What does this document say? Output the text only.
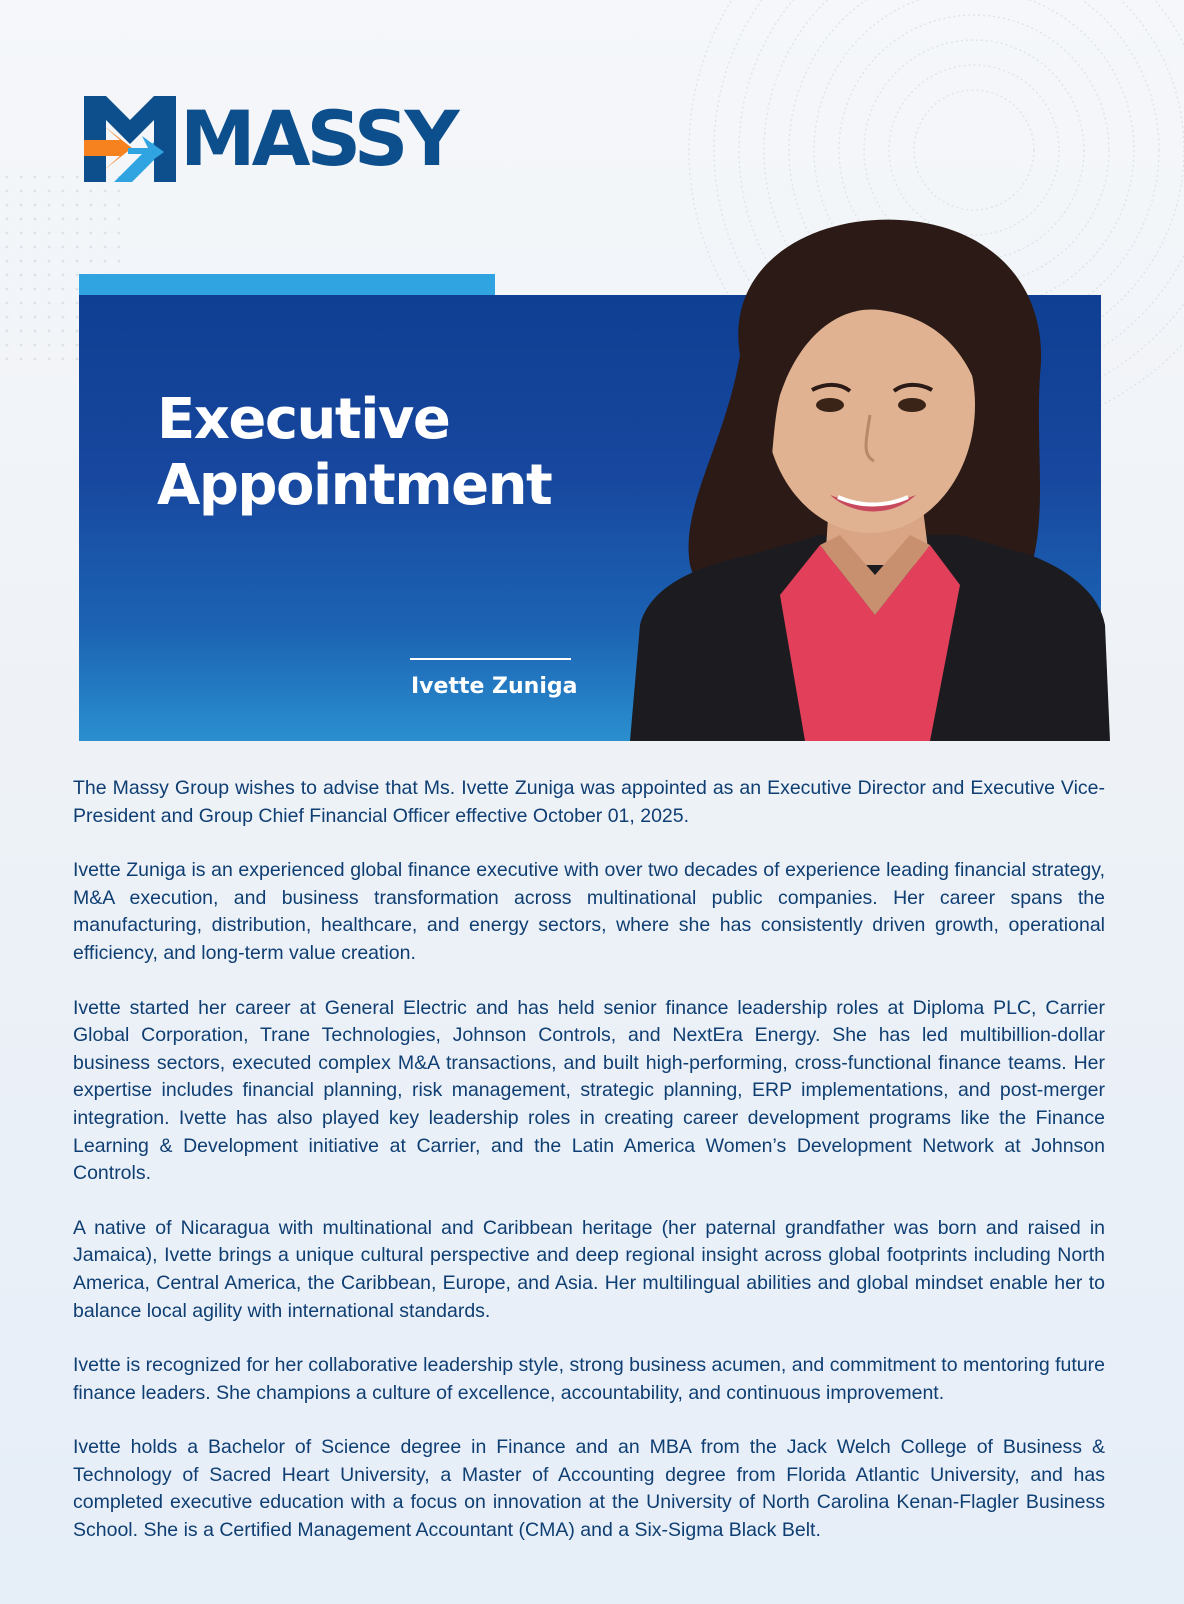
MASSY
Executive
Appointment
Ivette Zuniga

The Massy Group wishes to advise that Ms. Ivette Zuniga was appointed as an Executive Director and Executive Vice-President and Group Chief Financial Officer effective October 01, 2025.

Ivette Zuniga is an experienced global finance executive with over two decades of experience leading financial strategy, M&A execution, and business transformation across multinational public companies. Her career spans the manufacturing, distribution, healthcare, and energy sectors, where she has consistently driven growth, operational efficiency, and long-term value creation.

Ivette started her career at General Electric and has held senior finance leadership roles at Diploma PLC, Carrier Global Corporation, Trane Technologies, Johnson Controls, and NextEra Energy. She has led multibillion-dollar business sectors, executed complex M&A transactions, and built high-performing, cross-functional finance teams. Her expertise includes financial planning, risk management, strategic planning, ERP implementations, and post-merger integration. Ivette has also played key leadership roles in creating career development programs like the Finance Learning & Development initiative at Carrier, and the Latin America Women’s Development Network at Johnson Controls.

A native of Nicaragua with multinational and Caribbean heritage (her paternal grandfather was born and raised in Jamaica), Ivette brings a unique cultural perspective and deep regional insight across global footprints including North America, Central America, the Caribbean, Europe, and Asia. Her multilingual abilities and global mindset enable her to balance local agility with international standards.

Ivette is recognized for her collaborative leadership style, strong business acumen, and commitment to mentoring future finance leaders. She champions a culture of excellence, accountability, and continuous improvement.

Ivette holds a Bachelor of Science degree in Finance and an MBA from the Jack Welch College of Business & Technology of Sacred Heart University, a Master of Accounting degree from Florida Atlantic University, and has completed executive education with a focus on innovation at the University of North Carolina Kenan-Flagler Business School. She is a Certified Management Accountant (CMA) and a Six-Sigma Black Belt.
